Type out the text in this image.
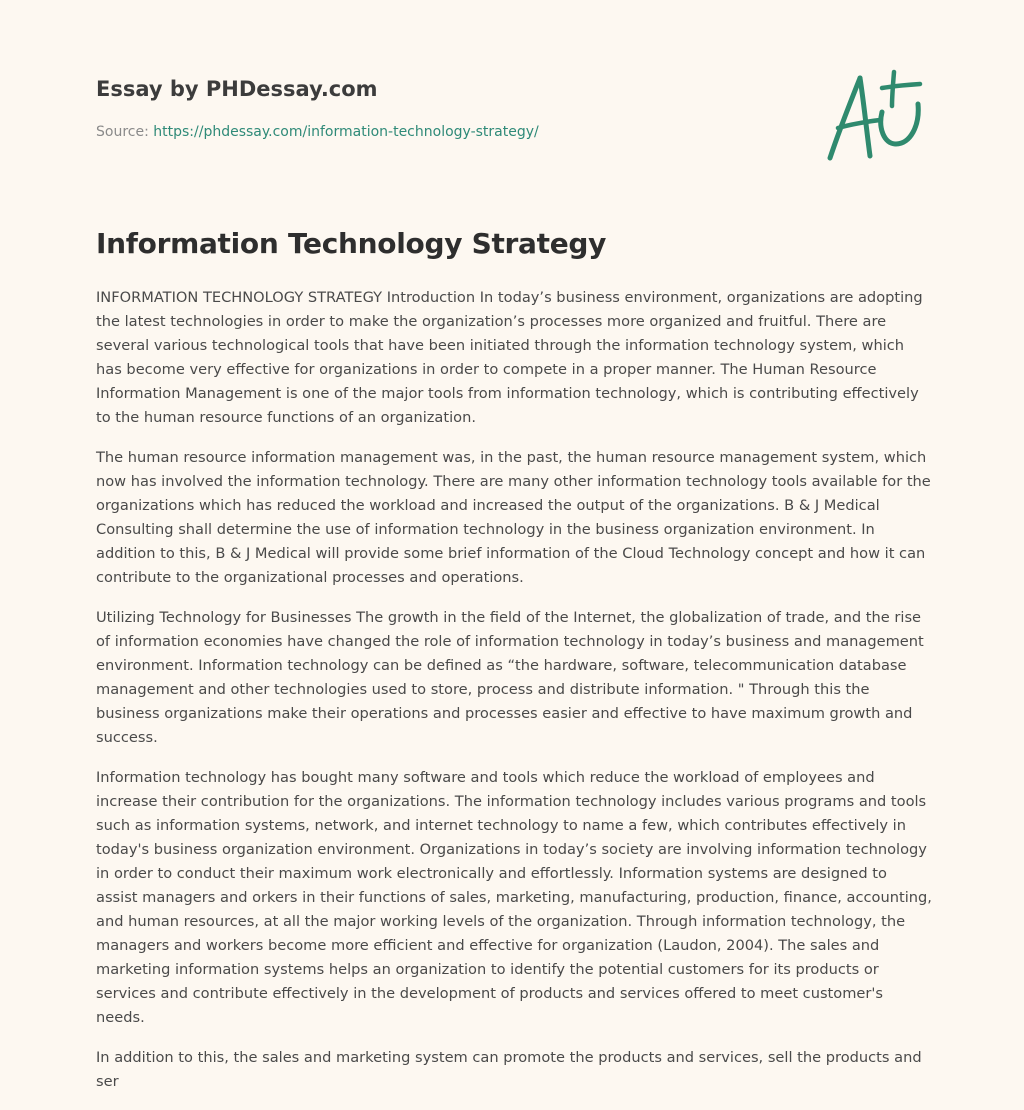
Essay by PHDessay.com
Source: https://phdessay.com/information-technology-strategy/
Information Technology Strategy

INFORMATION TECHNOLOGY STRATEGY Introduction In today’s business environment, organizations are adopting the latest technologies in order to make the organization’s processes more organized and fruitful. There are several various technological tools that have been initiated through the information technology system, which has become very effective for organizations in order to compete in a proper manner. The Human Resource Information Management is one of the major tools from information technology, which is contributing effectively to the human resource functions of an organization.

The human resource information management was, in the past, the human resource management system, which now has involved the information technology. There are many other information technology tools available for the organizations which has reduced the workload and increased the output of the organizations. B & J Medical Consulting shall determine the use of information technology in the business organization environment. In addition to this, B & J Medical will provide some brief information of the Cloud Technology concept and how it can contribute to the organizational processes and operations.

Utilizing Technology for Businesses The growth in the field of the Internet, the globalization of trade, and the rise of information economies have changed the role of information technology in today’s business and management environment. Information technology can be defined as “the hardware, software, telecommunication database management and other technologies used to store, process and distribute information. " Through this the business organizations make their operations and processes easier and effective to have maximum growth and success.

Information technology has bought many software and tools which reduce the workload of employees and increase their contribution for the organizations. The information technology includes various programs and tools such as information systems, network, and internet technology to name a few, which contributes effectively in today's business organization environment. Organizations in today’s society are involving information technology in order to conduct their maximum work electronically and effortlessly. Information systems are designed to assist managers and orkers in their functions of sales, marketing, manufacturing, production, finance, accounting, and human resources, at all the major working levels of the organization. Through information technology, the managers and workers become more efficient and effective for organization (Laudon, 2004). The sales and marketing information systems helps an organization to identify the potential customers for its products or services and contribute effectively in the development of products and services offered to meet customer's needs.

In addition to this, the sales and marketing system can promote the products and services, sell the products and ser
